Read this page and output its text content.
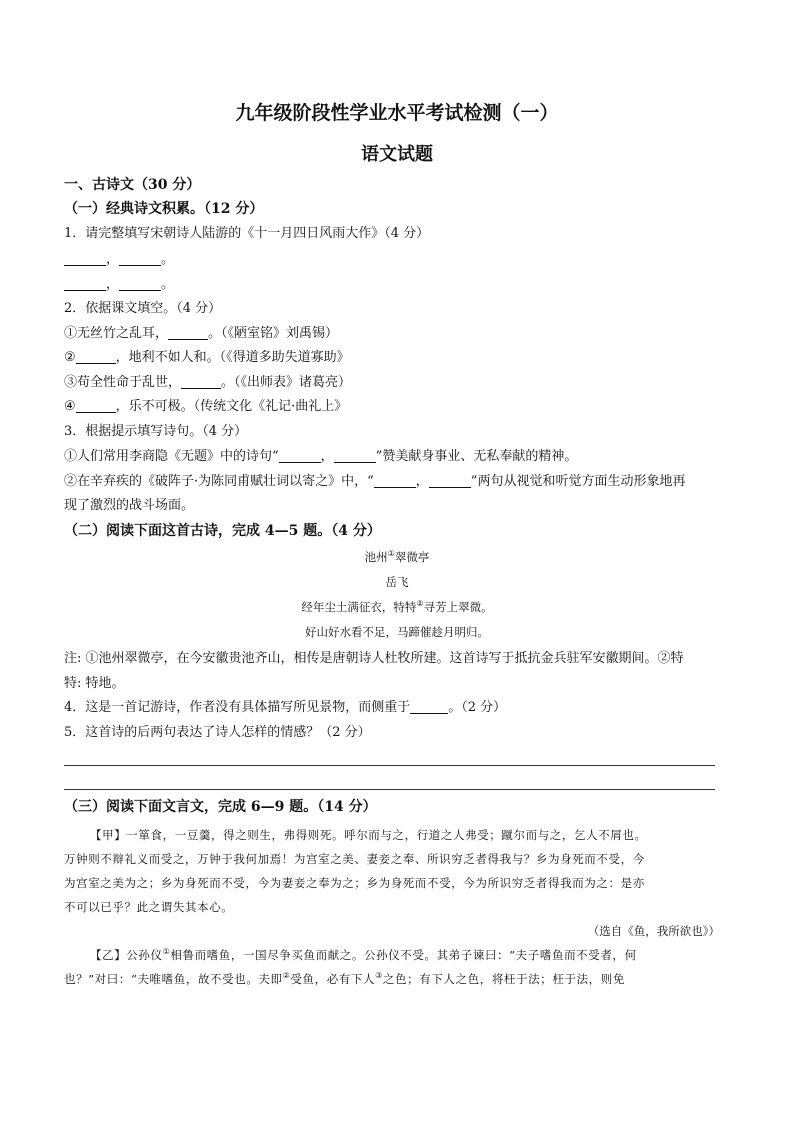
九年级阶段性学业水平考试检测（一）
语文试题
一、古诗文（30 分）
（一）经典诗文积累。（12 分）
1．请完整填写宋朝诗人陆游的《十一月四日风雨大作》（4 分）
，	。
，	。
2．依据课文填空。（4 分）
①无丝竹之乱耳，	。（《陋室铭》刘禹锡）
②	，地利不如人和。（《得道多助失道寡助》
③苟全性命于乱世，	。（《出师表》诸葛亮）
④	，乐不可极。（传统文化《礼记·曲礼上》
3．根据提示填写诗句。（4 分）
①人们常用李商隐《无题》中的诗句“	，	”赞美献身事业、无私奉献的精神。
②在辛弃疾的《破阵子·为陈同甫赋壮词以寄之》中，“	，	”两句从视觉和听觉方面生动形象地再
现了激烈的战斗场面。
（二）阅读下面这首古诗，完成 4—5 题。（4 分）
池州①翠微亭
岳飞
经年尘土满征衣，特特②寻芳上翠微。
好山好水看不足，马蹄催趁月明归。
注: ①池州翠微亭，在今安徽贵池齐山，相传是唐朝诗人杜牧所建。这首诗写于抵抗金兵驻军安徽期间。②特
特: 特地。
4．这是一首记游诗，作者没有具体描写所见景物，而侧重于	。（2 分）
5．这首诗的后两句表达了诗人怎样的情感？（2 分）
（三）阅读下面文言文，完成 6—9 题。（14 分）
【甲】一箪食，一豆羹，得之则生，弗得则死。呼尔而与之，行道之人弗受；蹴尔而与之，乞人不屑也。
万钟则不辩礼义而受之，万钟于我何加焉！为宫室之美、妻妾之奉、所识穷乏者得我与？乡为身死而不受，今
为宫室之美为之；乡为身死而不受，今为妻妾之奉为之；乡为身死而不受，今为所识穷乏者得我而为之：是亦
不可以已乎？此之谓失其本心。
（选自《鱼，我所欲也》）
【乙】公孙仪①相鲁而嗜鱼，一国尽争买鱼而献之。公孙仪不受。其弟子谏曰：“夫子嗜鱼而不受者，何
也？”对曰：“夫唯嗜鱼，故不受也。夫即②受鱼，必有下人③之色；有下人之色，将枉于法；枉于法，则免
